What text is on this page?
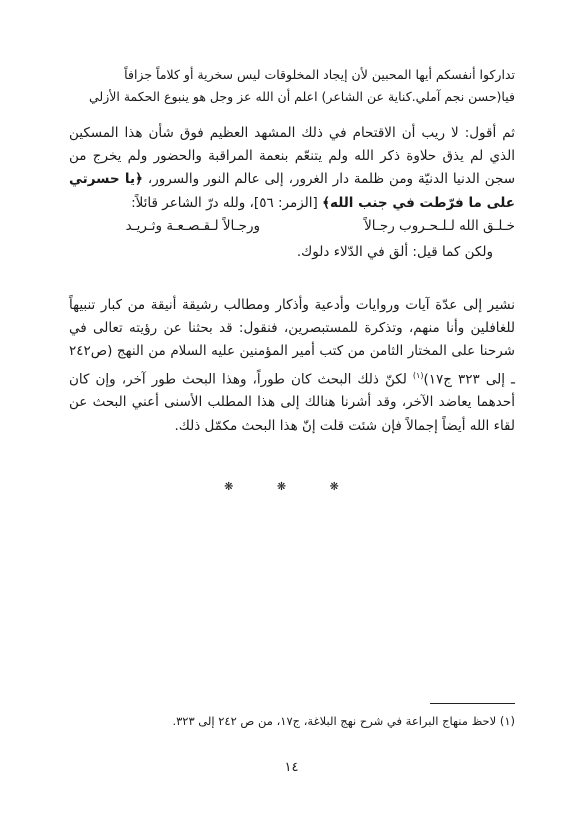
تداركوا أنفسكم أيها المحبين لأن إيجاد المخلوقات ليس سخرية أو كلاماً جزافاً
فيا(حسن نجم آملي.كناية عن الشاعر) اعلم أن الله عز وجل هو ينبوع الحكمة الأزلي
ثم أقول: لا ريب أن الاقتحام في ذلك المشهد العظيم فوق شأن هذا المسكين الذي لم يذق حلاوة ذكر الله ولم يتنعّم بنعمة المراقبة والحضور ولم يخرج من سجن الدنيا الدنيّة ومن ظلمة دار الغرور، إلى عالم النور والسرور، ﴿يا حسرتي على ما فرّطت في جنب الله﴾ [الزمر: ٥٦]، ولله درّ الشاعر قائلاً:
خـلـق الله لـلـحـروب رجـالاً
ورجـالاً لـقـصـعـة وثـريـد
ولكن كما قيل: ألق في الدّلاء دلوك.
نشير إلى عدّة آيات وروايات وأدعية وأذكار ومطالب رشيقة أنيقة من كبار تنبيهاً للغافلين وأنا منهم، وتذكرة للمستبصرين، فنقول: قد بحثنا عن رؤيته تعالى في شرحنا على المختار الثامن من كتب أمير المؤمنين عليه السلام من النهج (ص٢٤٢ ـ إلى ٣٢٣ ج١٧)$^{(١)}$ لكنّ ذلك البحث كان طوراً، وهذا البحث طور آخر، وإن كان أحدهما يعاضد الآخر، وقد أشرنا هنالك إلى هذا المطلب الأسنى أعني البحث عن لقاء الله أيضاً إجمالاً فإن شئت قلت إنّ هذا البحث مكمّل ذلك.
❋ ❋ ❋
(١) لاحظ منهاج البراعة في شرح نهج البلاغة، ج١٧، من ص ٢٤٢ إلى ٣٢٣.
١٤
